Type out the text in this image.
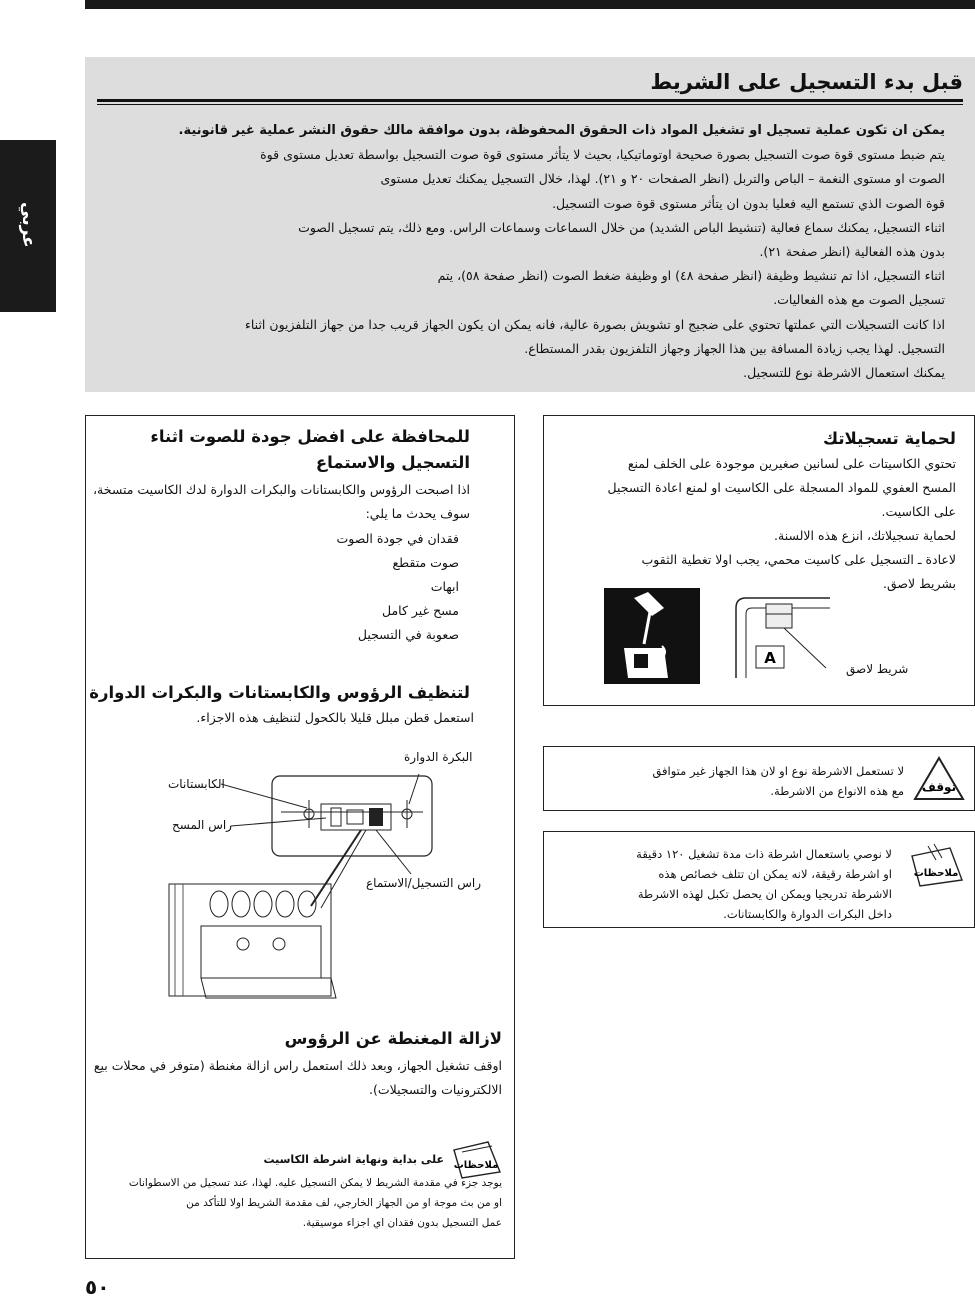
عربي
قبل بدء التسجيل على الشريط
يمكن ان تكون عملية تسجيل او تشغيل المواد ذات الحقوق المحفوظة، بدون موافقة مالك حقوق النشر عملية غير قانونية.
يتم ضبط مستوى قوة صوت التسجيل بصورة صحيحة اوتوماتيكيا، بحيث لا يتأثر مستوى قوة صوت التسجيل بواسطة تعديل مستوى قوة
الصوت او مستوى النغمة – الباص والتربل (انظر الصفحات ٢٠ و ٢١). لهذا، خلال التسجيل يمكنك تعديل مستوى
قوة الصوت الذي تستمع اليه فعليا بدون ان يتأثر مستوى قوة صوت التسجيل.
اثناء التسجيل، يمكنك سماع فعالية (تنشيط الباص الشديد) من خلال السماعات وسماعات الراس. ومع ذلك، يتم تسجيل الصوت
بدون هذه الفعالية (انظر صفحة ٢١).
اثناء التسجيل، اذا تم تنشيط وظيفة (انظر صفحة ٤٨) او وظيفة ضغط الصوت (انظر صفحة ٥٨)، يتم
تسجيل الصوت مع هذه الفعاليات.
اذا كانت التسجيلات التي عملتها تحتوي على ضجيج او تشويش بصورة عالية، فانه يمكن ان يكون الجهاز قريب جدا من جهاز التلفزيون اثناء
التسجيل. لهذا يجب زيادة المسافة بين هذا الجهاز وجهاز التلفزيون بقدر المستطاع.
يمكنك استعمال الاشرطة نوع للتسجيل.
للمحافظة على افضل جودة للصوت اثناء التسجيل والاستماع
اذا اصبحت الرؤوس والكابستانات والبكرات الدوارة لدك الكاسيت متسخة، سوف يحدث ما يلي:
فقدان في جودة الصوت
صوت متقطع
ابهات
مسح غير كامل
صعوبة في التسجيل
لتنظيف الرؤوس والكابستانات والبكرات الدوارة
استعمل قطن مبلل قليلا بالكحول لتنظيف هذه الاجزاء.
البكرة الدوارة
الكابستانات
راس المسح
راس التسجيل/الاستماع
لازالة المغنطة عن الرؤوس
اوقف تشغيل الجهاز، وبعد ذلك استعمل راس ازالة مغنطة (متوفر في محلات بيع الالكترونيات والتسجيلات).
ملاحظات
على بداية ونهاية اشرطة الكاسيت
يوجد جزء في مقدمة الشريط لا يمكن التسجيل عليه. لهذا، عند تسجيل من الاسطوانات
او من بث موجة او من الجهاز الخارجي، لف مقدمة الشريط اولا للتأكد من
عمل التسجيل بدون فقدان اي اجزاء موسيقية.
لحماية تسجيلاتك
تحتوي الكاسيتات على لسانين صغيرين موجودة على الخلف لمنع
المسح العفوي للمواد المسجلة على الكاسيت او لمنع اعادة التسجيل
على الكاسيت.
لحماية تسجيلاتك، انزع هذه الالسنة.
لاعادة ـ التسجيل على كاسيت محمي، يجب اولا تغطية الثقوب
بشريط لاصق.
A
شريط لاصق
توقف
لا تستعمل الاشرطة نوع او لان هذا الجهاز غير متوافق
مع هذه الانواع من الاشرطة.
ملاحظات
لا نوصي باستعمال اشرطة ذات مدة تشغيل ١٢٠ دقيقة
او اشرطة رقيقة، لانه يمكن ان تتلف خصائص هذه
الاشرطة تدريجيا ويمكن ان يحصل تكبل لهذه الاشرطة
داخل البكرات الدوارة والكابستانات.
٥٠
